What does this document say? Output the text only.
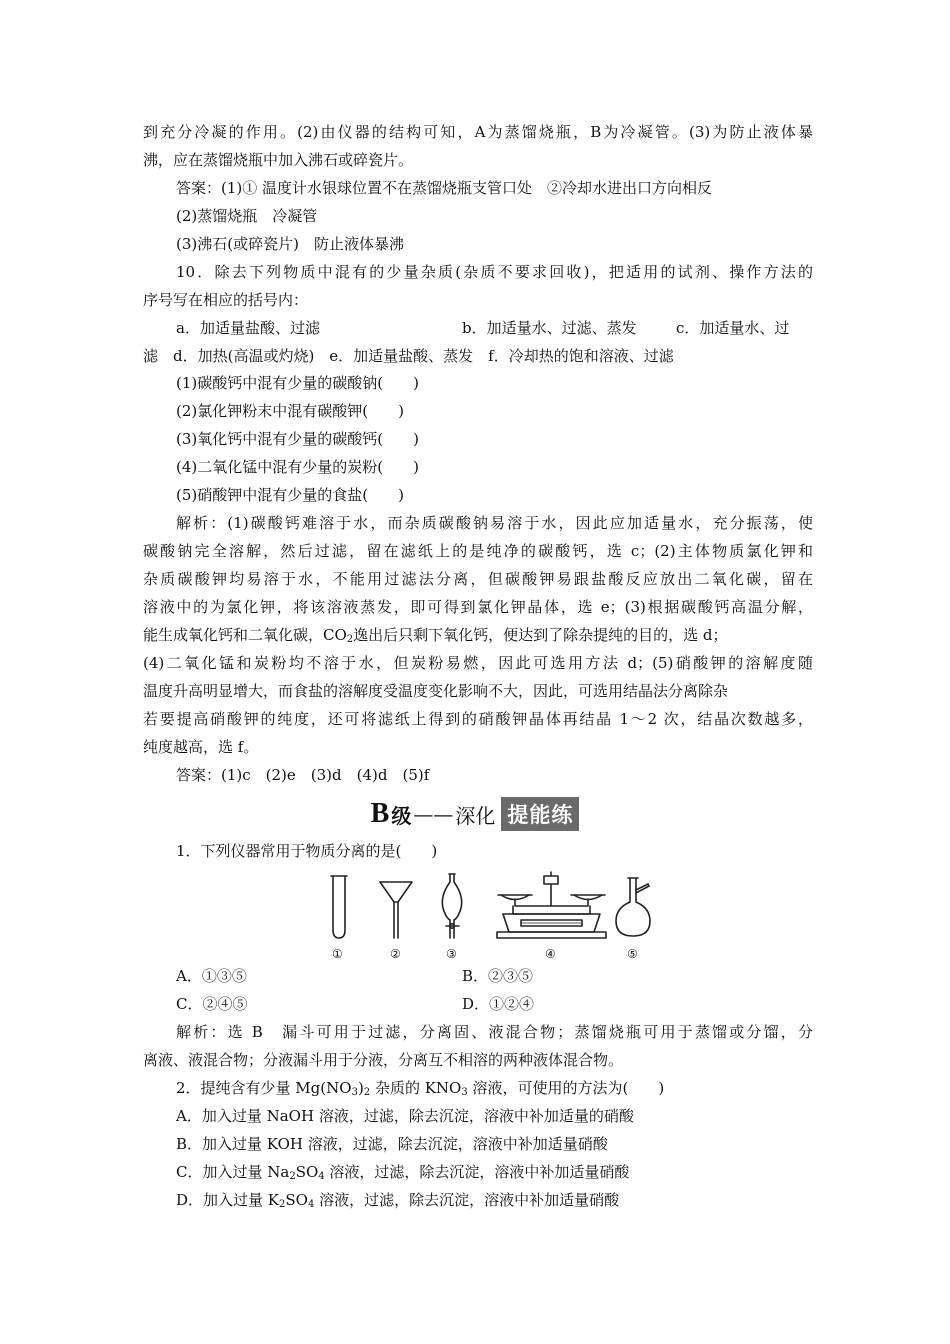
到充分冷凝的作用。(2)由仪器的结构可知，A为蒸馏烧瓶，B为冷凝管。(3)为防止液体暴
沸，应在蒸馏烧瓶中加入沸石或碎瓷片。
答案：(1)① 温度计水银球位置不在蒸馏烧瓶支管口处　②冷却水进出口方向相反
(2)蒸馏烧瓶　冷凝管
(3)沸石(或碎瓷片)　防止液体暴沸
10．除去下列物质中混有的少量杂质(杂质不要求回收)，把适用的试剂、操作方法的
序号写在相应的括号内：
a．加适量盐酸、过滤	b．加适量水、过滤、蒸发	c．加适量水、过
滤　d．加热(高温或灼烧)　e．加适量盐酸、蒸发　f．冷却热的饱和溶液、过滤
(1)碳酸钙中混有少量的碳酸钠(　　)
(2)氯化钾粉末中混有碳酸钾(　　)
(3)氧化钙中混有少量的碳酸钙(　　)
(4)二氧化锰中混有少量的炭粉(　　)
(5)硝酸钾中混有少量的食盐(　　)
解析：(1)碳酸钙难溶于水，而杂质碳酸钠易溶于水，因此应加适量水，充分振荡，使
碳酸钠完全溶解，然后过滤，留在滤纸上的是纯净的碳酸钙，选 c；(2)主体物质氯化钾和
杂质碳酸钾均易溶于水，不能用过滤法分离，但碳酸钾易跟盐酸反应放出二氧化碳，留在
溶液中的为氯化钾，将该溶液蒸发，即可得到氯化钾晶体，选 e；(3)根据碳酸钙高温分解，
能生成氧化钙和二氧化碳，$CO_2$逸出后只剩下氧化钙，便达到了除杂提纯的目的，选 d；
(4)二氧化锰和炭粉均不溶于水，但炭粉易燃，因此可选用方法 d；(5)硝酸钾的溶解度随
温度升高明显增大，而食盐的溶解度受温度变化影响不大，因此，可选用结晶法分离除杂
若要提高硝酸钾的纯度，还可将滤纸上得到的硝酸钾晶体再结晶 1～2 次，结晶次数越多，
纯度越高，选 f。
答案：(1)c　(2)e　(3)d　(4)d　(5)f
B 级 —— 深化 提能练
1．下列仪器常用于物质分离的是(　　)
①	②	③	④	⑤
A．①③⑤	B．②③⑤
C．②④⑤	D．①②④
解析：选 B　漏斗可用于过滤，分离固、液混合物；蒸馏烧瓶可用于蒸馏或分馏，分
离液、液混合物；分液漏斗用于分液，分离互不相溶的两种液体混合物。
2．提纯含有少量 $Mg(NO_3)_2$ 杂质的 $KNO_3$ 溶液，可使用的方法为(　　)
A．加入过量 NaOH 溶液，过滤，除去沉淀，溶液中补加适量的硝酸
B．加入过量 KOH 溶液，过滤，除去沉淀，溶液中补加适量硝酸
C．加入过量 $Na_2SO_4$ 溶液，过滤，除去沉淀，溶液中补加适量硝酸
D．加入过量 $K_2SO_4$ 溶液，过滤，除去沉淀，溶液中补加适量硝酸
